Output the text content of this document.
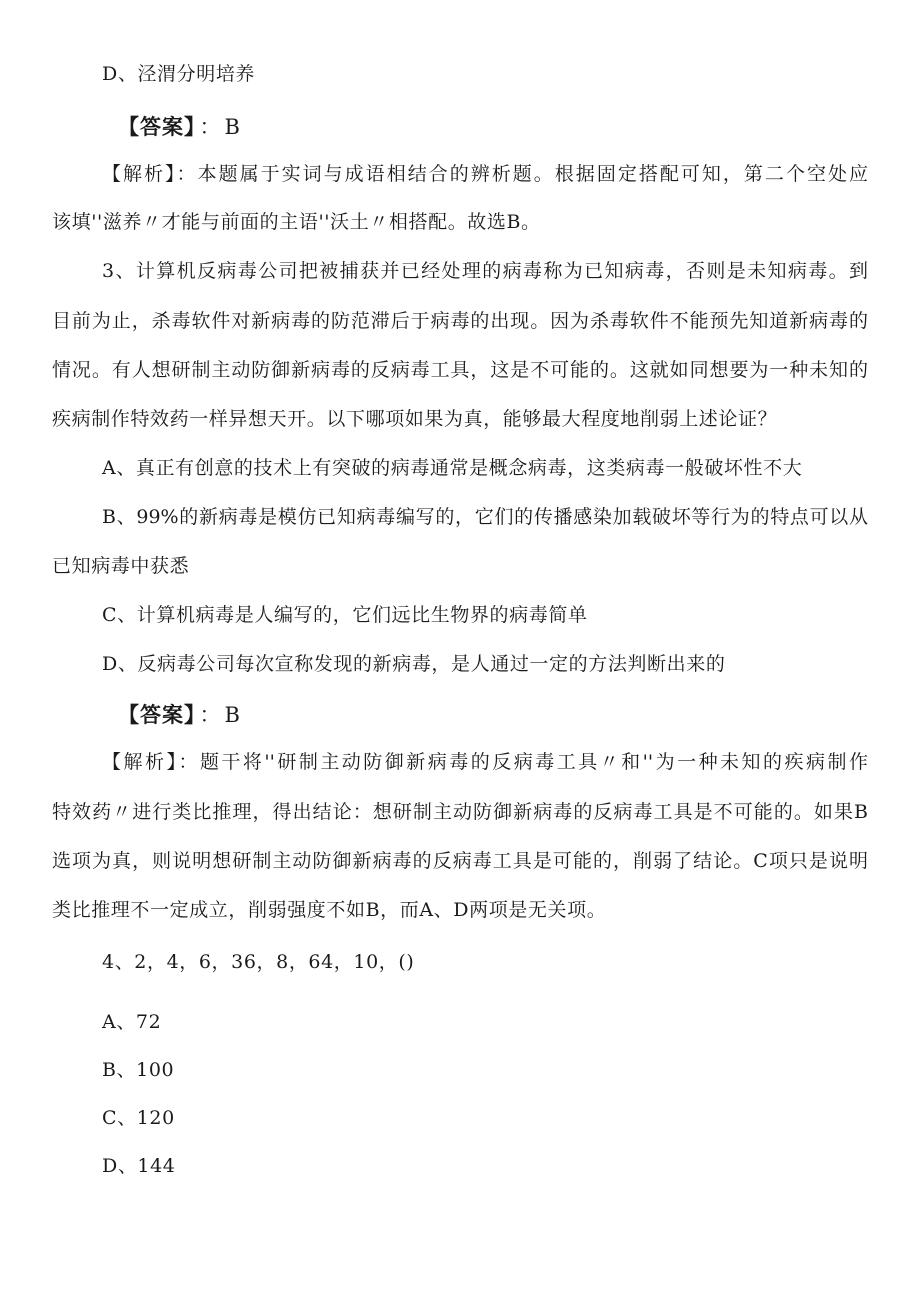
D、泾渭分明培养
【答案】 ： B
【解析】：本题属于实词与成语相结合的辨析题。根据固定搭配可知，第二个空处应
该填''滋养〃才能与前面的主语''沃土〃相搭配。故选B。
3、计算机反病毒公司把被捕获并已经处理的病毒称为已知病毒，否则是未知病毒。到
目前为止，杀毒软件对新病毒的防范滞后于病毒的出现。因为杀毒软件不能预先知道新病毒的
情况。有人想研制主动防御新病毒的反病毒工具，这是不可能的。这就如同想要为一种未知的
疾病制作特效药一样异想天开。以下哪项如果为真，能够最大程度地削弱上述论证？
A、真正有创意的技术上有突破的病毒通常是概念病毒，这类病毒一般破坏性不大
B、99%的新病毒是模仿已知病毒编写的，它们的传播感染加载破坏等行为的特点可以从
已知病毒中获悉
C、计算机病毒是人编写的，它们远比生物界的病毒简单
D、反病毒公司每次宣称发现的新病毒，是人通过一定的方法判断出来的
【答案】 ： B
【解析】：题干将''研制主动防御新病毒的反病毒工具〃和''为一种未知的疾病制作
特效药〃进行类比推理，得出结论：想研制主动防御新病毒的反病毒工具是不可能的。如果B
选项为真，则说明想研制主动防御新病毒的反病毒工具是可能的，削弱了结论。C项只是说明
类比推理不一定成立，削弱强度不如B，而A、D两项是无关项。
4、2，4，6，36，8，64，10，()
A、72
B、100
C、120
D、144
